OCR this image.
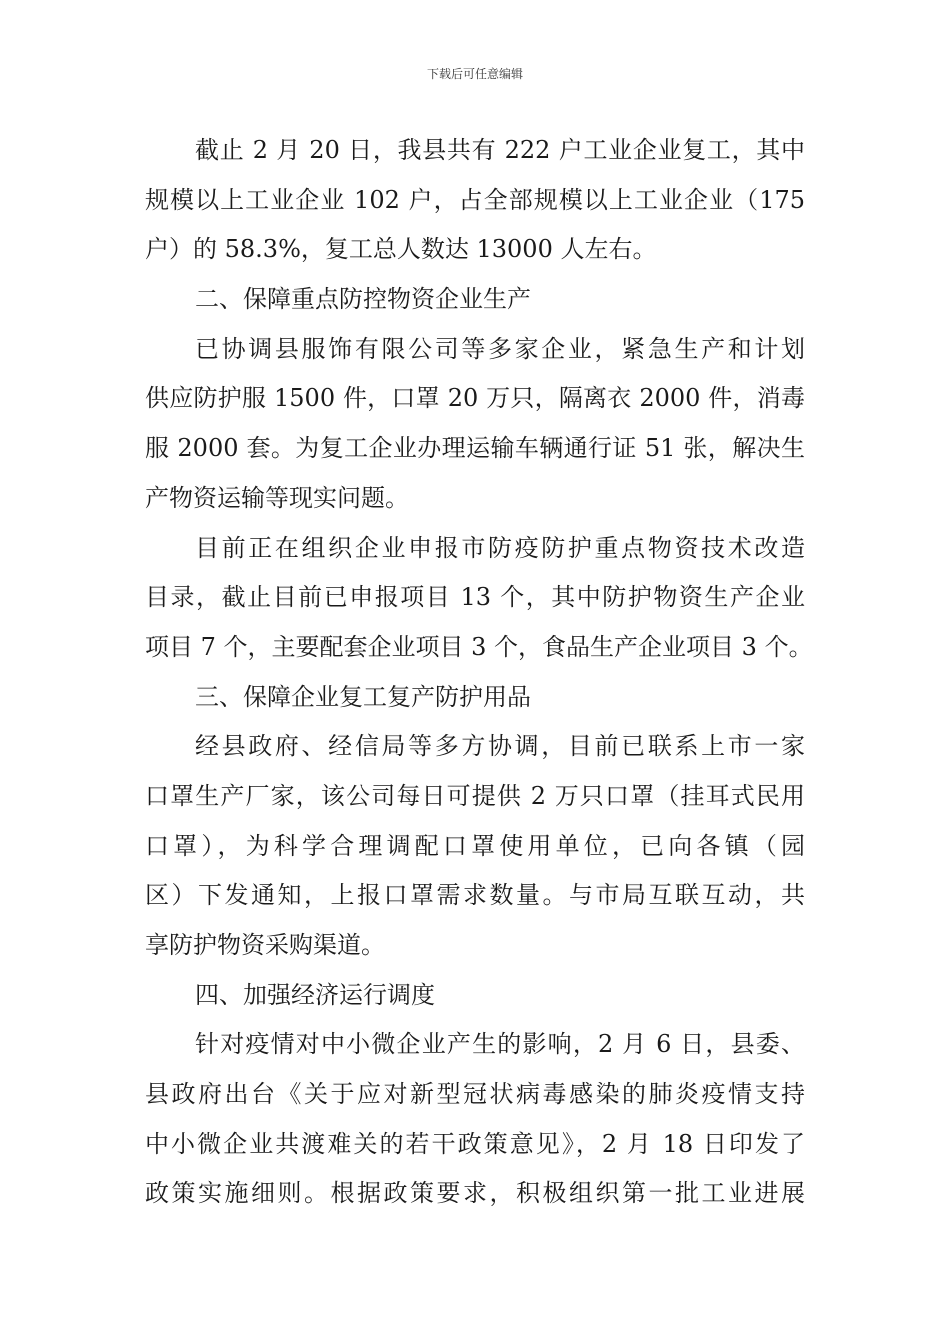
下载后可任意编辑
截止 2 月 20 日，我县共有 222 户工业企业复工，其中
规模以上工业企业 102 户，占全部规模以上工业企业（175
户）的 58.3%，复工总人数达 13000 人左右。
二、保障重点防控物资企业生产
已协调县服饰有限公司等多家企业，紧急生产和计划
供应防护服 1500 件，口罩 20 万只，隔离衣 2000 件，消毒
服 2000 套。为复工企业办理运输车辆通行证 51 张，解决生
产物资运输等现实问题。
目前正在组织企业申报市防疫防护重点物资技术改造
目录，截止目前已申报项目 13 个，其中防护物资生产企业
项目 7 个，主要配套企业项目 3 个，食品生产企业项目 3 个。
三、保障企业复工复产防护用品
经县政府、经信局等多方协调，目前已联系上市一家
口罩生产厂家，该公司每日可提供 2 万只口罩（挂耳式民用
口罩），为科学合理调配口罩使用单位，已向各镇（园
区）下发通知，上报口罩需求数量。与市局互联互动，共
享防护物资采购渠道。
四、加强经济运行调度
针对疫情对中小微企业产生的影响，2 月 6 日，县委、
县政府出台《关于应对新型冠状病毒感染的肺炎疫情支持
中小微企业共渡难关的若干政策意见》，2 月 18 日印发了
政策实施细则。根据政策要求，积极组织第一批工业进展
